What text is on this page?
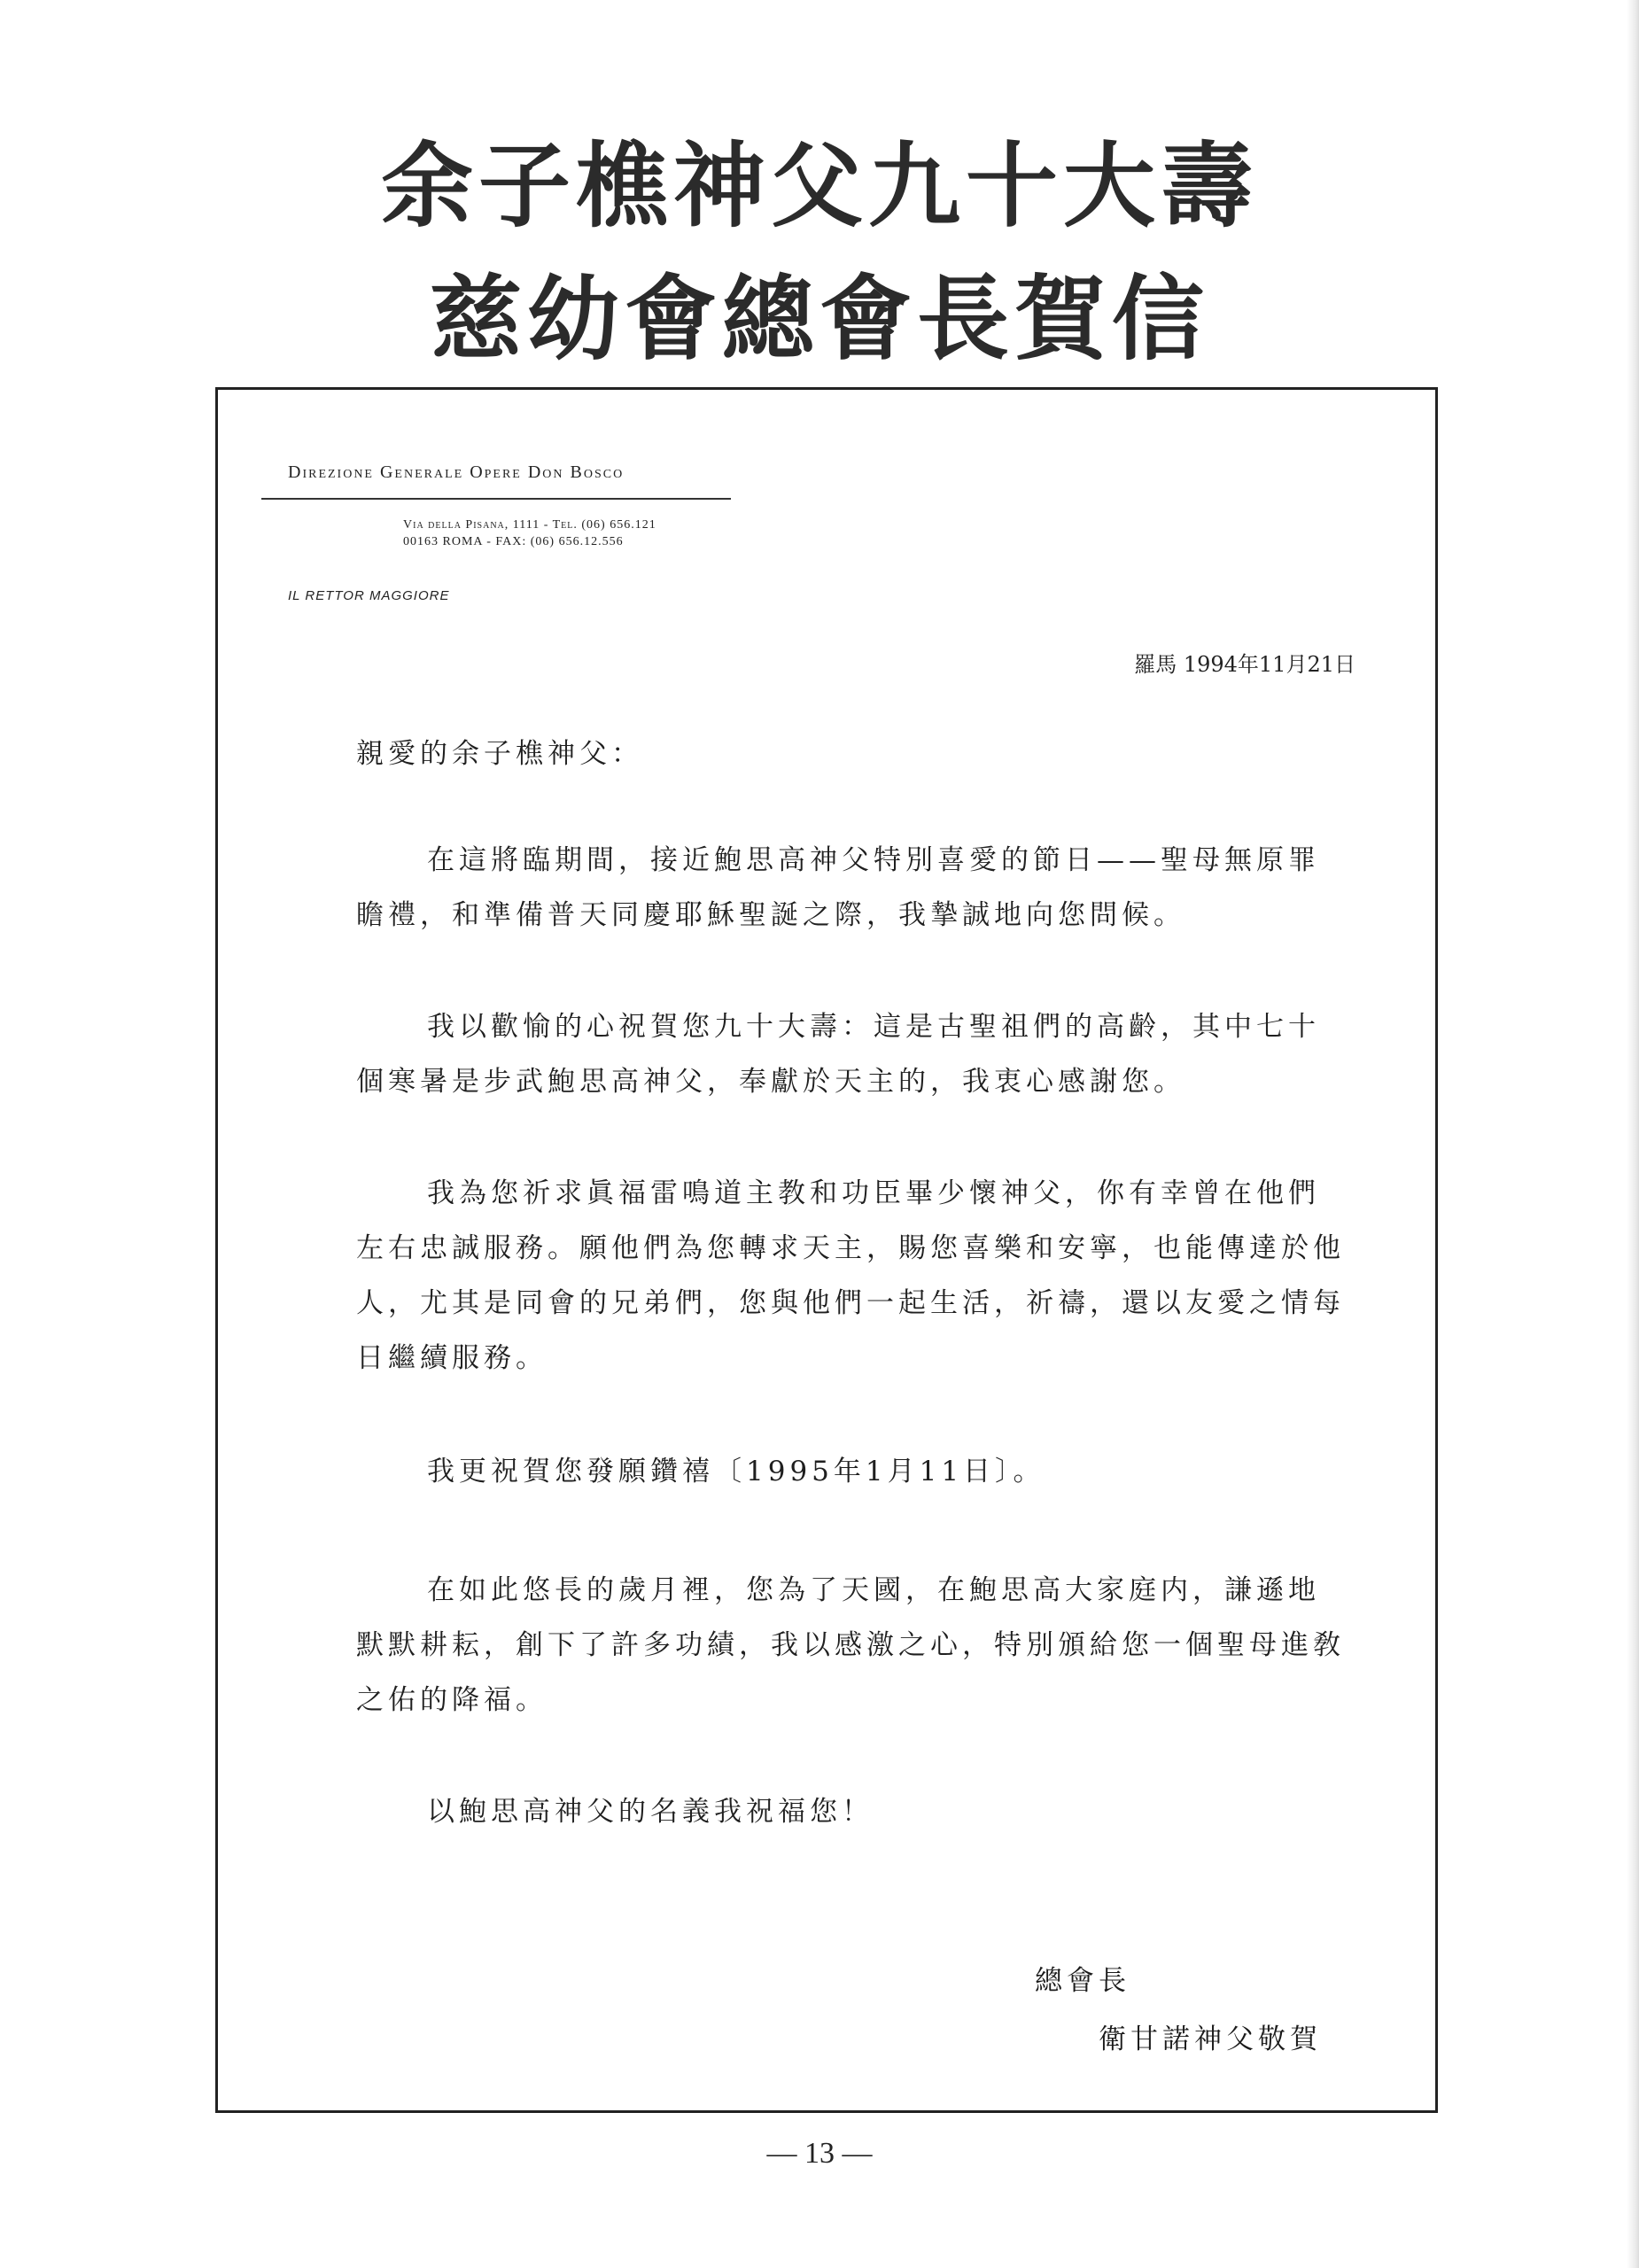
余子樵神父九十大壽
慈幼會總會長賀信
Direzione Generale Opere Don Bosco
Via della Pisana, 1111 - Tel. (06) 656.121
00163 ROMA - FAX: (06) 656.12.556
IL RETTOR MAGGIORE
羅馬 1994年11月21日
親愛的余子樵神父：
在這將臨期間，接近鮑思高神父特別喜愛的節日——聖母無原罪瞻禮，和準備普天同慶耶穌聖誕之際，我摯誠地向您問候。
我以歡愉的心祝賀您九十大壽：這是古聖祖們的高齡，其中七十個寒暑是步武鮑思高神父，奉獻於天主的，我衷心感謝您。
我為您祈求眞福雷鳴道主教和功臣畢少懷神父，你有幸曾在他們左右忠誠服務。願他們為您轉求天主，賜您喜樂和安寧，也能傳達於他人，尤其是同會的兄弟們，您與他們一起生活，祈禱，還以友愛之情每日繼續服務。
我更祝賀您發願鑽禧〔1995年1月11日〕。
在如此悠長的歲月裡，您為了天國，在鮑思高大家庭内，謙遜地默默耕耘，創下了許多功績，我以感激之心，特別頒給您一個聖母進敎之佑的降福。
以鮑思高神父的名義我祝福您！
總會長
衛甘諾神父敬賀
— 13 —
